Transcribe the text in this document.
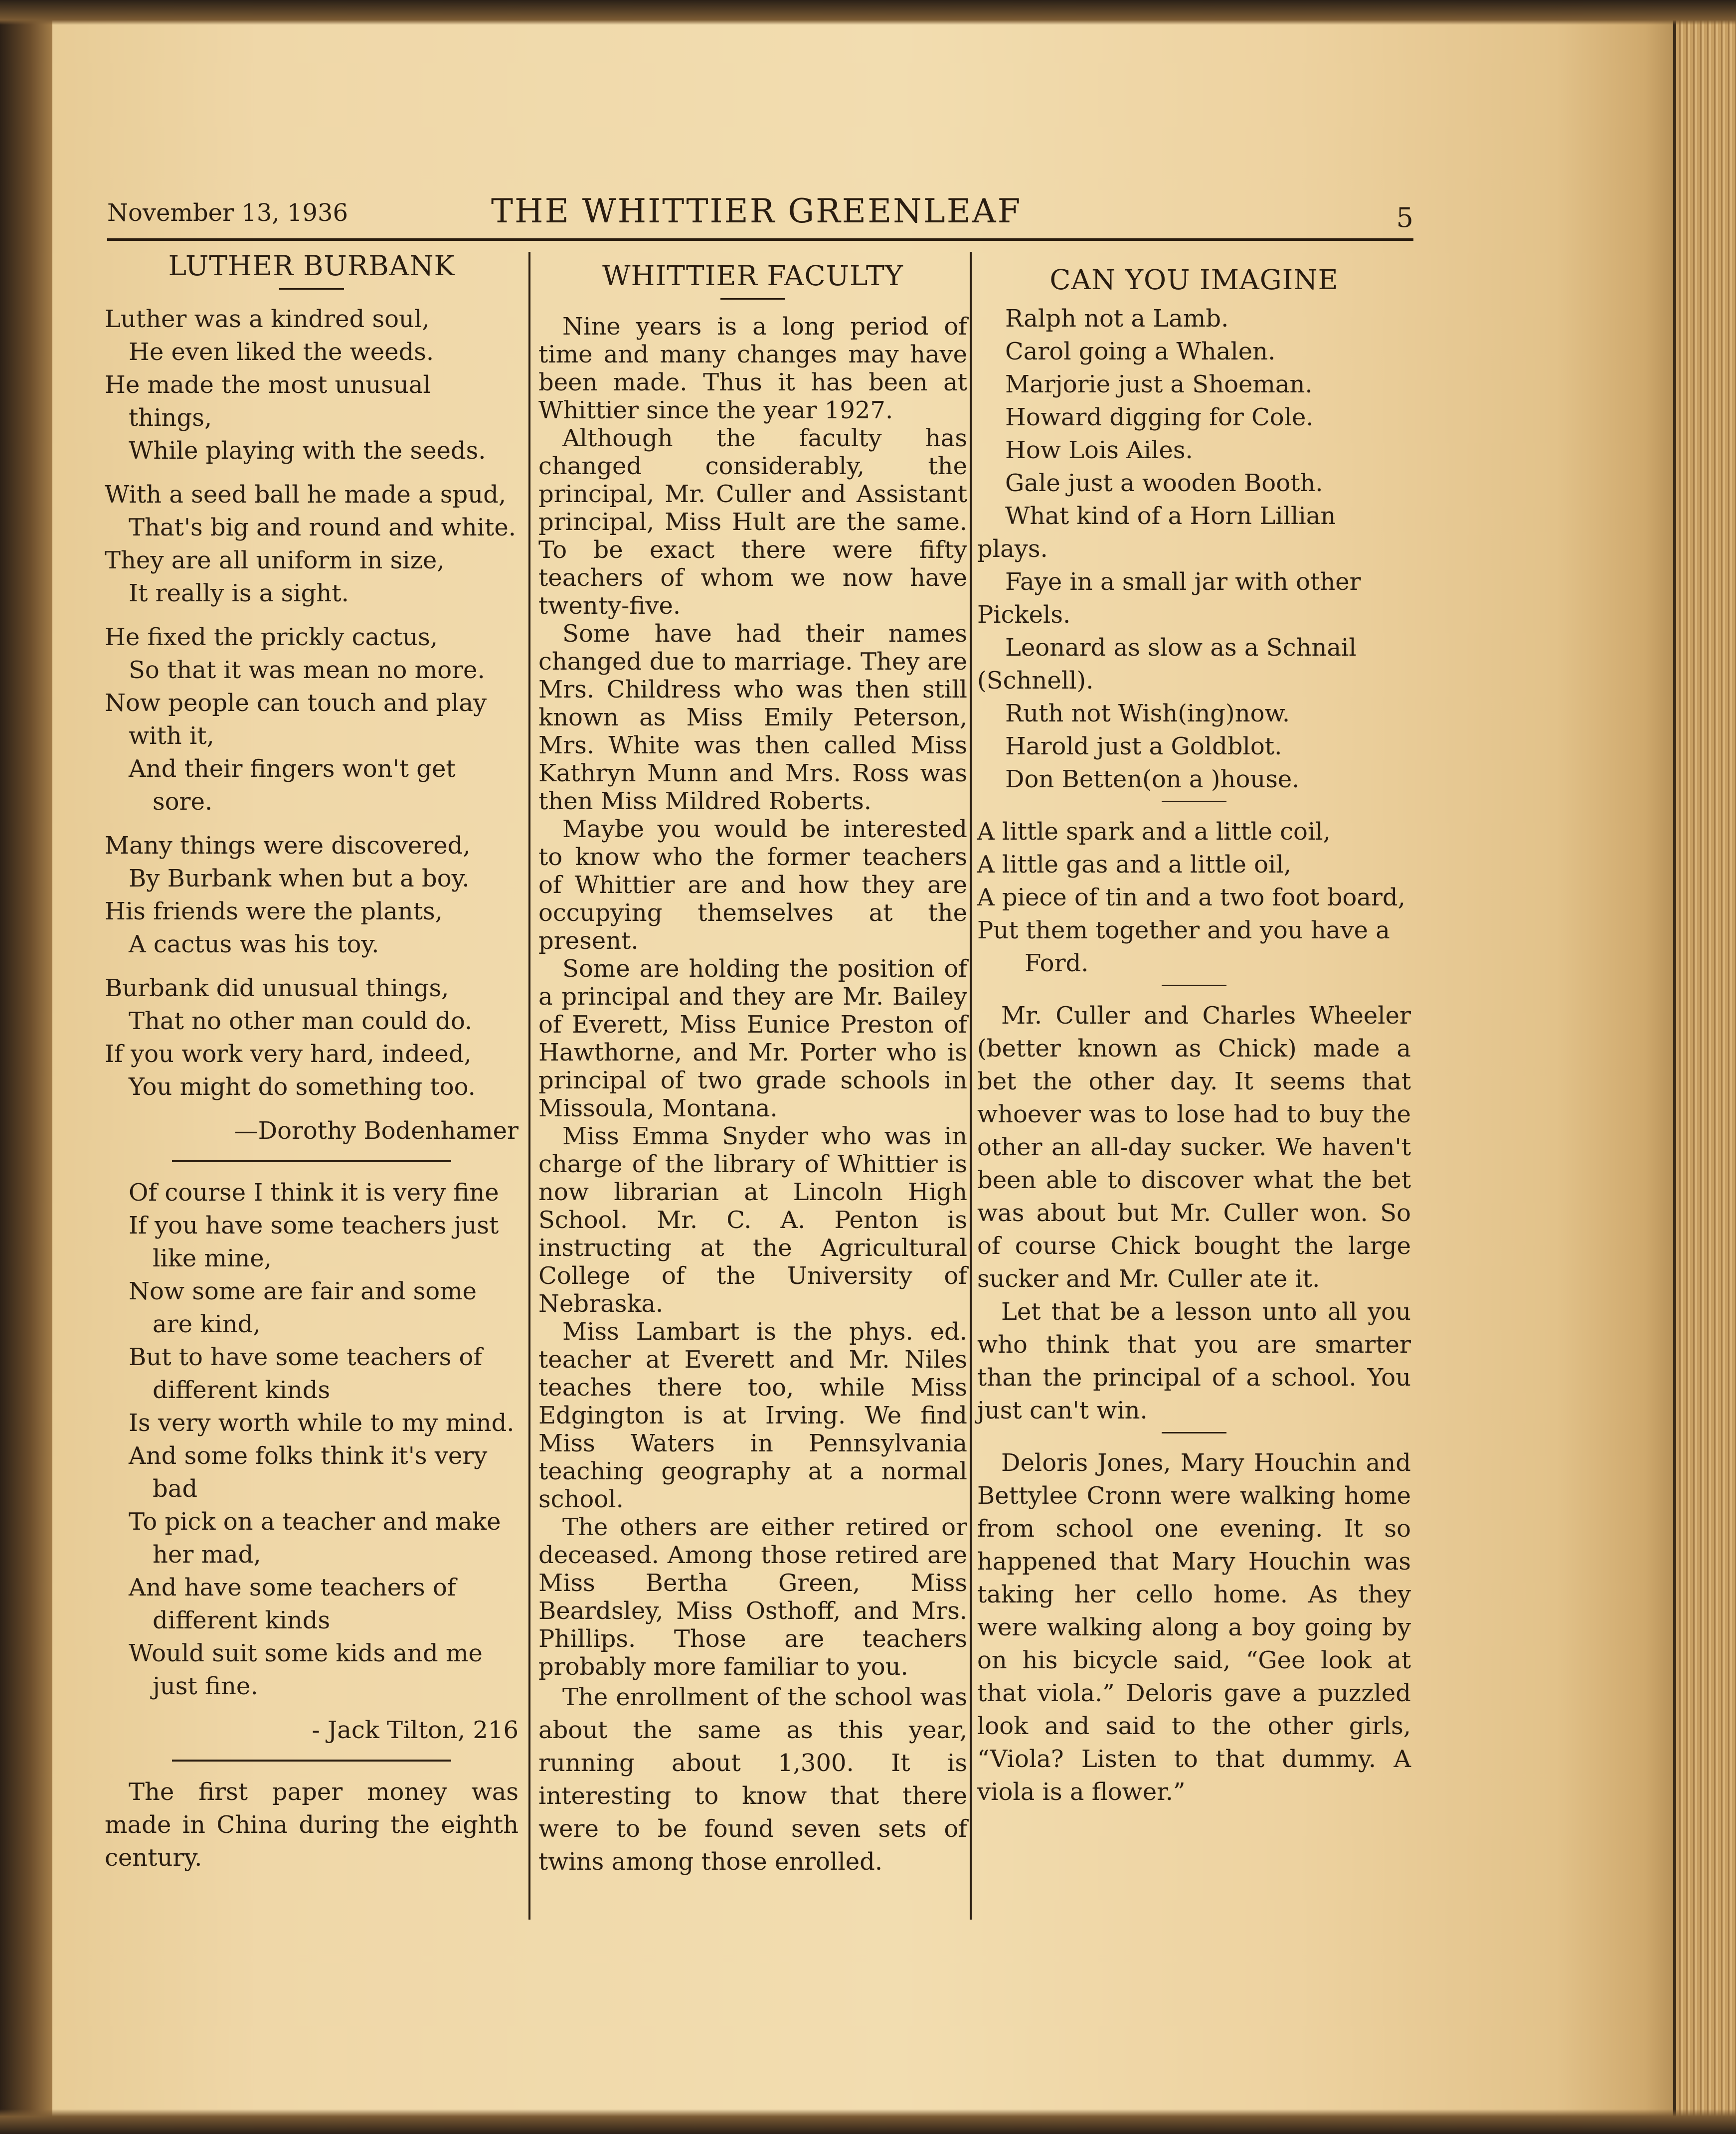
November 13, 1936	THE WHITTIER GREENLEAF	5
LUTHER BURBANK
Luther was a kindred soul,
He even liked the weeds.
He made the most unusual things,
While playing with the seeds.
With a seed ball he made a spud,
That's big and round and white.
They are all uniform in size,
It really is a sight.
He fixed the prickly cactus,
So that it was mean no more.
Now people can touch and play with it,
And their fingers won't get sore.
Many things were discovered,
By Burbank when but a boy.
His friends were the plants,
A cactus was his toy.
Burbank did unusual things,
That no other man could do.
If you work very hard, indeed,
You might do something too.
—Dorothy Bodenhamer
Of course I think it is very fine
If you have some teachers just like mine,
Now some are fair and some are kind,
But to have some teachers of different kinds
Is very worth while to my mind.
And some folks think it's very bad
To pick on a teacher and make her mad,
And have some teachers of different kinds
Would suit some kids and me just fine.
- Jack Tilton, 216

The first paper money was made in China during the eighth century.

WHITTIER FACULTY

Nine years is a long period of time and many changes may have been made. Thus it has been at Whittier since the year 1927.

Although the faculty has changed considerably, the principal, Mr. Culler and Assistant principal, Miss Hult are the same. To be exact there were fifty teachers of whom we now have twenty-five.

Some have had their names changed due to marriage. They are Mrs. Childress who was then still known as Miss Emily Peterson, Mrs. White was then called Miss Kathryn Munn and Mrs. Ross was then Miss Mildred Roberts.

Maybe you would be interested to know who the former teachers of Whittier are and how they are occupying themselves at the present.

Some are holding the position of a principal and they are Mr. Bailey of Everett, Miss Eunice Preston of Hawthorne, and Mr. Porter who is principal of two grade schools in Missoula, Montana.

Miss Emma Snyder who was in charge of the library of Whittier is now librarian at Lincoln High School. Mr. C. A. Penton is instructing at the Agricultural College of the University of Nebraska.

Miss Lambart is the phys. ed. teacher at Everett and Mr. Niles teaches there too, while Miss Edgington is at Irving. We find Miss Waters in Pennsylvania teaching geography at a normal school.

The others are either retired or deceased. Among those retired are Miss Bertha Green, Miss Beardsley, Miss Osthoff, and Mrs. Phillips. Those are teachers probably more familiar to you.

The enrollment of the school was about the same as this year, running about 1,300. It is interesting to know that there were to be found seven sets of twins among those enrolled.

CAN YOU IMAGINE
Ralph not a Lamb.
Carol going a Whalen.
Marjorie just a Shoeman.
Howard digging for Cole.
How Lois Ailes.
Gale just a wooden Booth.
What kind of a Horn Lillian plays.
Faye in a small jar with other Pickels.
Leonard as slow as a Schnail (Schnell).
Ruth not Wish(ing)now.
Harold just a Goldblot.
Don Betten(on a )house.
A little spark and a little coil,
A little gas and a little oil,
A piece of tin and a two foot board,
Put them together and you have a Ford.

Mr. Culler and Charles Wheeler (better known as Chick) made a bet the other day. It seems that whoever was to lose had to buy the other an all-day sucker. We haven't been able to discover what the bet was about but Mr. Culler won. So of course Chick bought the large sucker and Mr. Culler ate it.

Let that be a lesson unto all you who think that you are smarter than the principal of a school. You just can't win.

Deloris Jones, Mary Houchin and Bettylee Cronn were walking home from school one evening. It so happened that Mary Houchin was taking her cello home. As they were walking along a boy going by on his bicycle said, “Gee look at that viola.” Deloris gave a puzzled look and said to the other girls, “Viola? Listen to that dummy. A viola is a flower.”
